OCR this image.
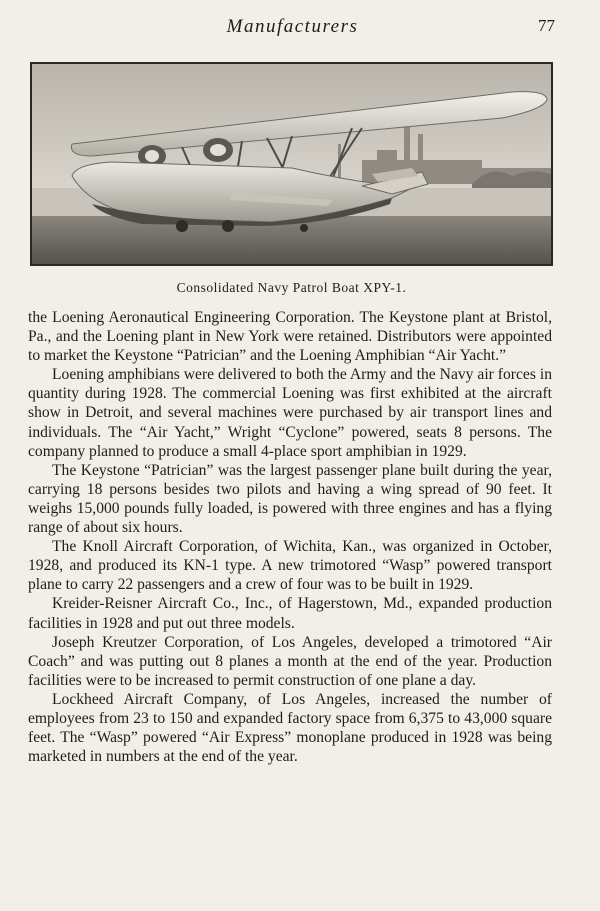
Manufacturers	77
Consolidated Navy Patrol Boat XPY-1.

the Loening Aeronautical Engineering Corporation. The Keystone plant at Bristol, Pa., and the Loening plant in New York were retained. Distributors were appointed to market the Keystone “Patrician” and the Loening Amphibian “Air Yacht.”

Loening amphibians were delivered to both the Army and the Navy air forces in quantity during 1928. The commercial Loening was first exhibited at the aircraft show in Detroit, and several machines were purchased by air transport lines and individuals. The “Air Yacht,” Wright “Cyclone” powered, seats 8 persons. The company planned to produce a small 4-place sport amphibian in 1929.

The Keystone “Patrician” was the largest passenger plane built during the year, carrying 18 persons besides two pilots and having a wing spread of 90 feet. It weighs 15,000 pounds fully loaded, is powered with three engines and has a flying range of about six hours.

The Knoll Aircraft Corporation, of Wichita, Kan., was organized in October, 1928, and produced its KN-1 type. A new trimotored “Wasp” powered transport plane to carry 22 passengers and a crew of four was to be built in 1929.

Kreider-Reisner Aircraft Co., Inc., of Hagerstown, Md., expanded production facilities in 1928 and put out three models.

Joseph Kreutzer Corporation, of Los Angeles, developed a trimotored “Air Coach” and was putting out 8 planes a month at the end of the year. Production facilities were to be increased to permit construction of one plane a day.

Lockheed Aircraft Company, of Los Angeles, increased the number of employees from 23 to 150 and expanded factory space from 6,375 to 43,000 square feet. The “Wasp” powered “Air Express” monoplane produced in 1928 was being marketed in numbers at the end of the year.
